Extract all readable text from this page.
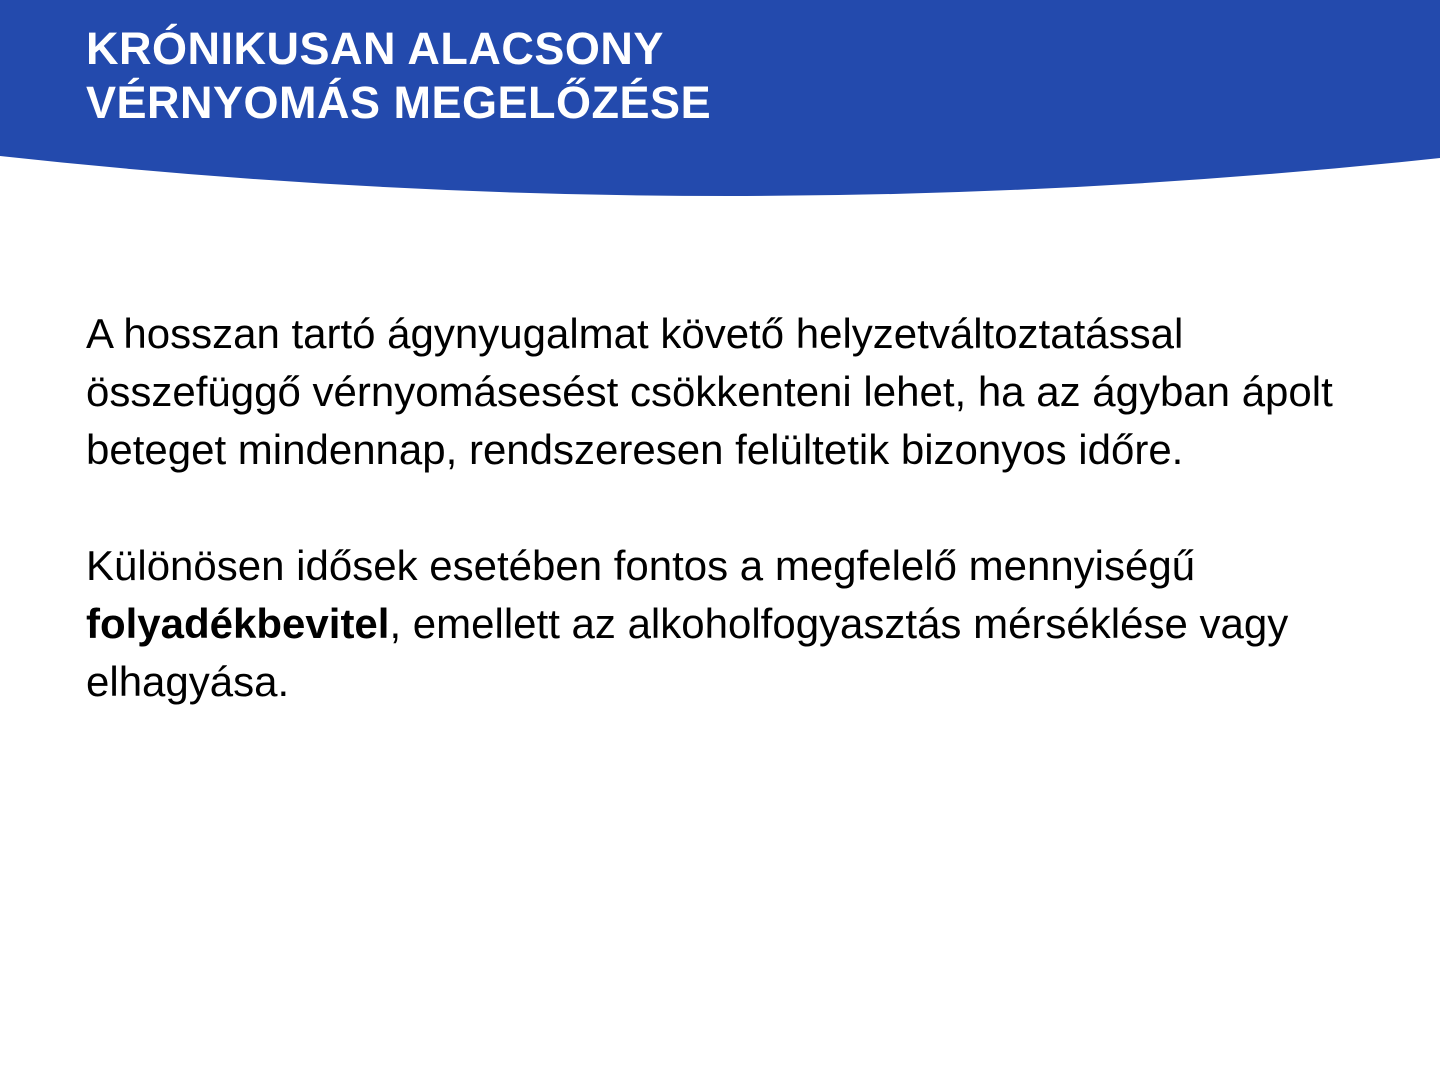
KRÓNIKUSAN ALACSONY
VÉRNYOMÁS MEGELŐZÉSE

A hosszan tartó ágynyugalmat követő helyzetváltoztatással összefüggő vérnyomásesést csökkenteni lehet, ha az ágyban ápolt beteget mindennap, rendszeresen felültetik bizonyos időre.

Különösen idősek esetében fontos a megfelelő mennyiségű folyadékbevitel, emellett az alkoholfogyasztás mérséklése vagy elhagyása.
